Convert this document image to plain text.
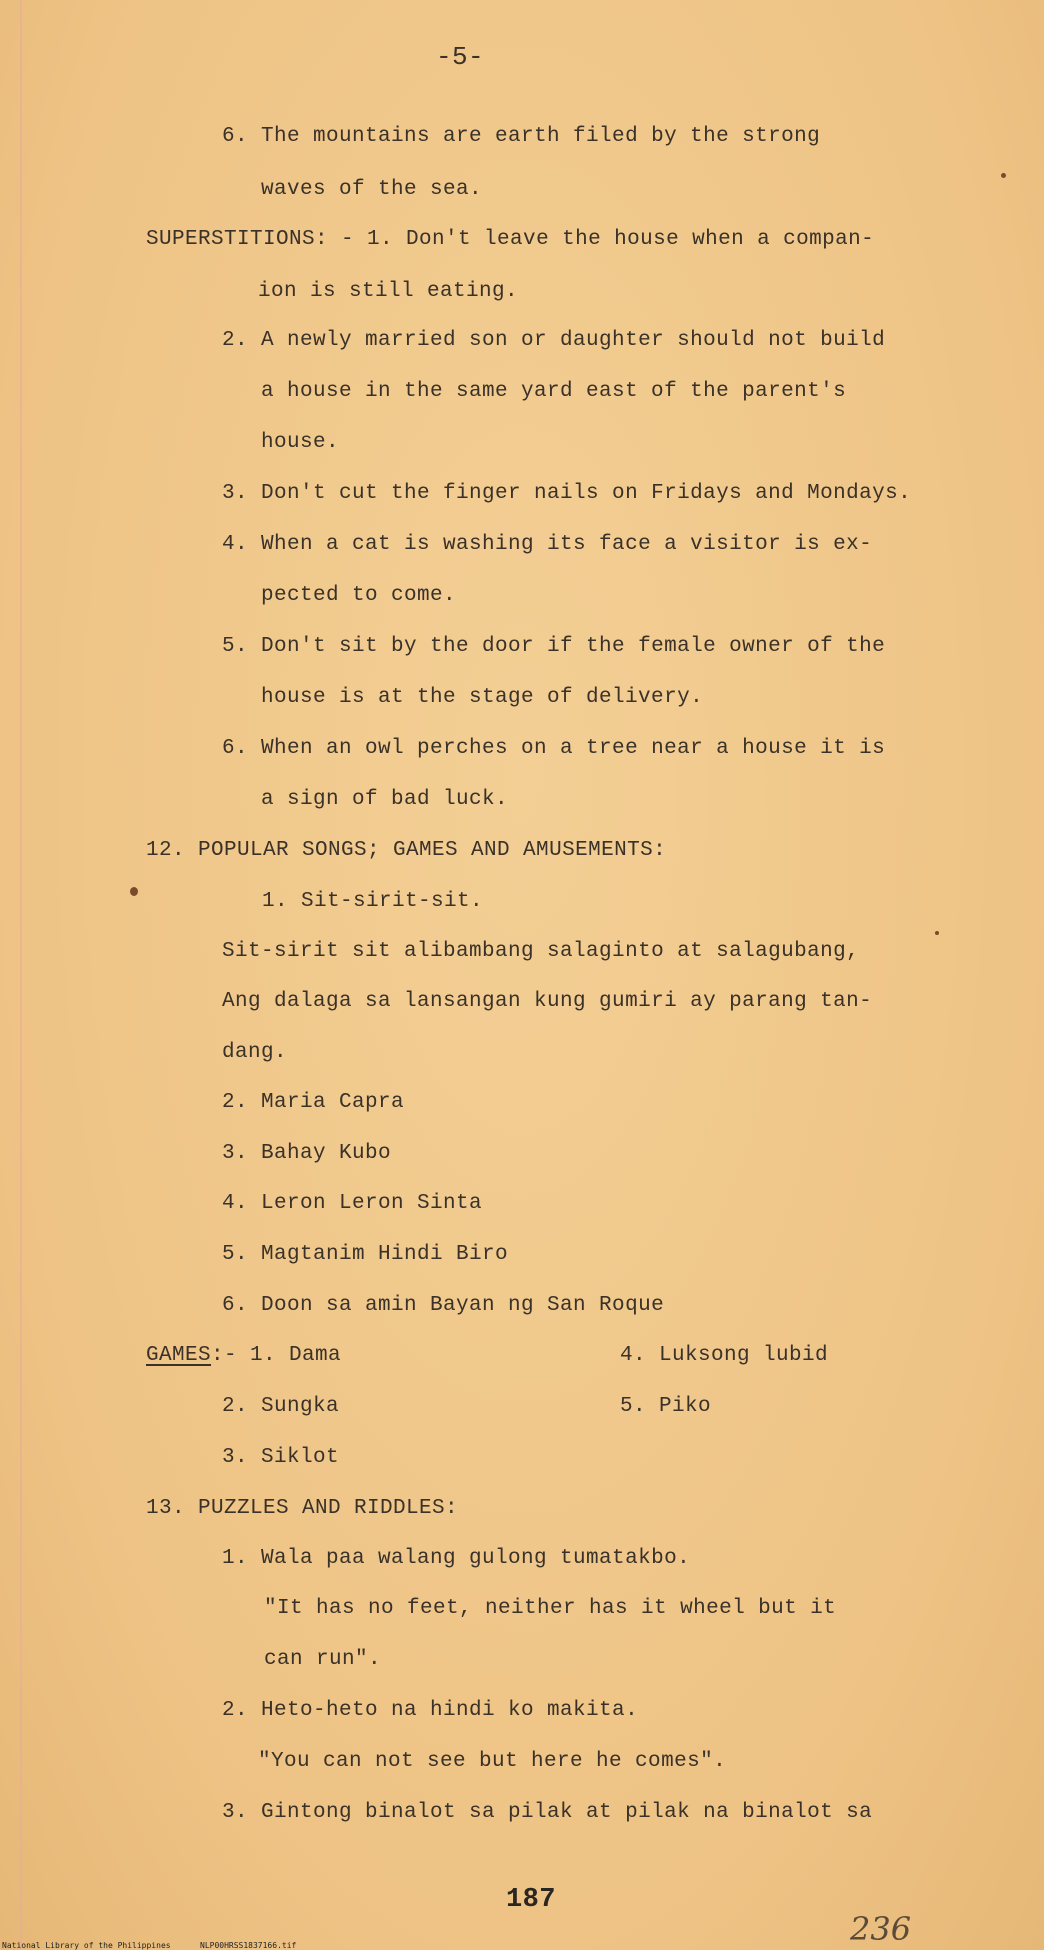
-5-
6. The mountains are earth filed by the strong
waves of the sea.
SUPERSTITIONS: - 1. Don't leave the house when a compan-
ion is still eating.
2. A newly married son or daughter should not build
a house in the same yard east of the parent's
house.
3. Don't cut the finger nails on Fridays and Mondays.
4. When a cat is washing its face a visitor is ex-
pected to come.
5. Don't sit by the door if the female owner of the
house is at the stage of delivery.
6. When an owl perches on a tree near a house it is
a sign of bad luck.
12. POPULAR SONGS; GAMES AND AMUSEMENTS:
1. Sit-sirit-sit.
Sit-sirit sit alibambang salaginto at salagubang,
Ang dalaga sa lansangan kung gumiri ay parang tan-
dang.
2. Maria Capra
3. Bahay Kubo
4. Leron Leron Sinta
5. Magtanim Hindi Biro
6. Doon sa amin Bayan ng San Roque
GAMES:- 1. Dama	4. Luksong lubid
2. Sungka	5. Piko
3. Siklot
13. PUZZLES AND RIDDLES:
1. Wala paa walang gulong tumatakbo.
"It has no feet, neither has it wheel but it
can run".
2. Heto-heto na hindi ko makita.
"You can not see but here he comes".
3. Gintong binalot sa pilak at pilak na binalot sa
187
236
National Library of the Philippines	NLP00HRSS1837166.tif
